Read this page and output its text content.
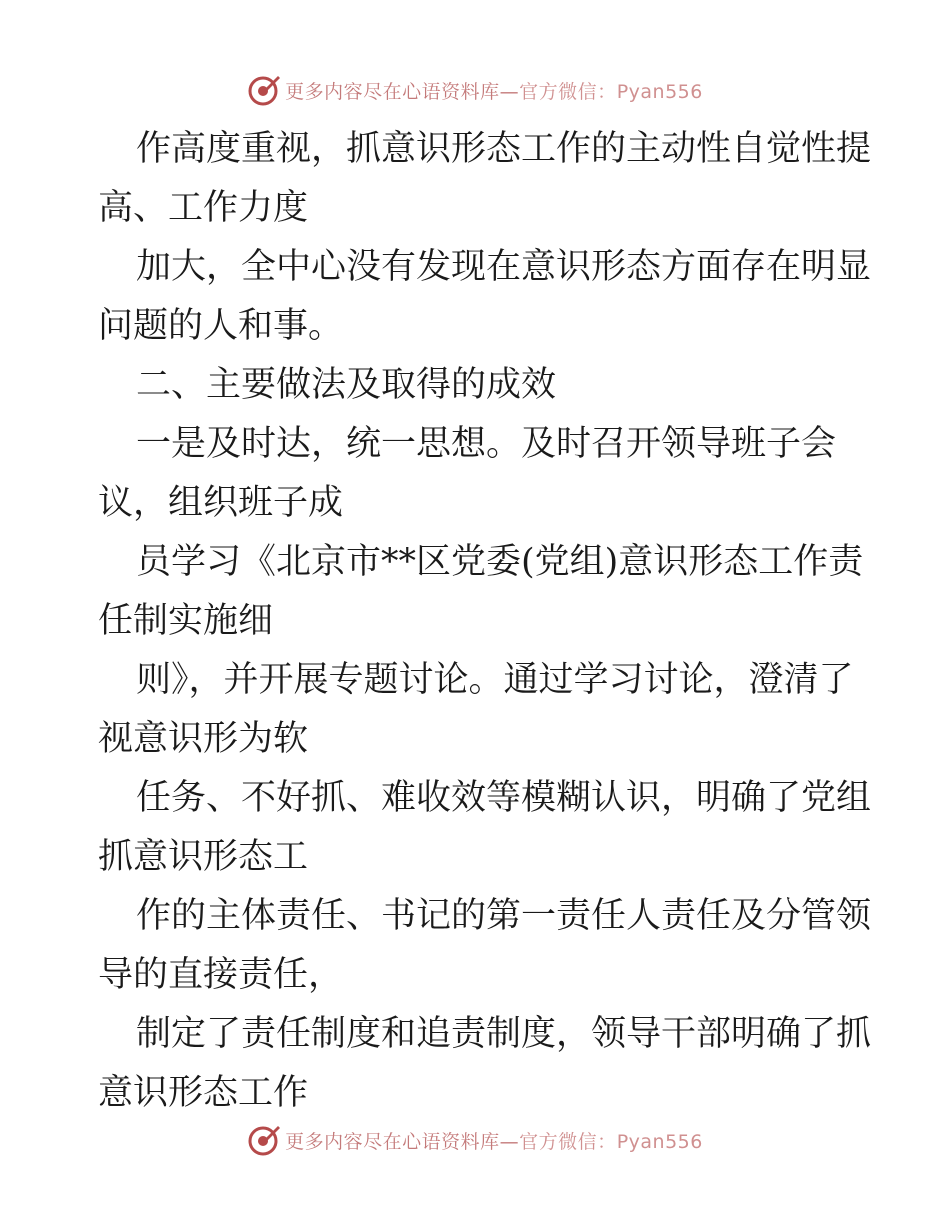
更多内容尽在心语资料库—官方微信：Pyan556

作高度重视，抓意识形态工作的主动性自觉性提
高、工作力度

加大，全中心没有发现在意识形态方面存在明显
问题的人和事。

二、主要做法及取得的成效

一是及时达，统一思想。及时召开领导班子会
议，组织班子成

员学习《北京市**区党委(党组)意识形态工作责
任制实施细

则》，并开展专题讨论。通过学习讨论，澄清了
视意识形为软

任务、不好抓、难收效等模糊认识，明确了党组
抓意识形态工

作的主体责任、书记的第一责任人责任及分管领
导的直接责任，

制定了责任制度和追责制度，领导干部明确了抓
意识形态工作

更多内容尽在心语资料库—官方微信：Pyan556
